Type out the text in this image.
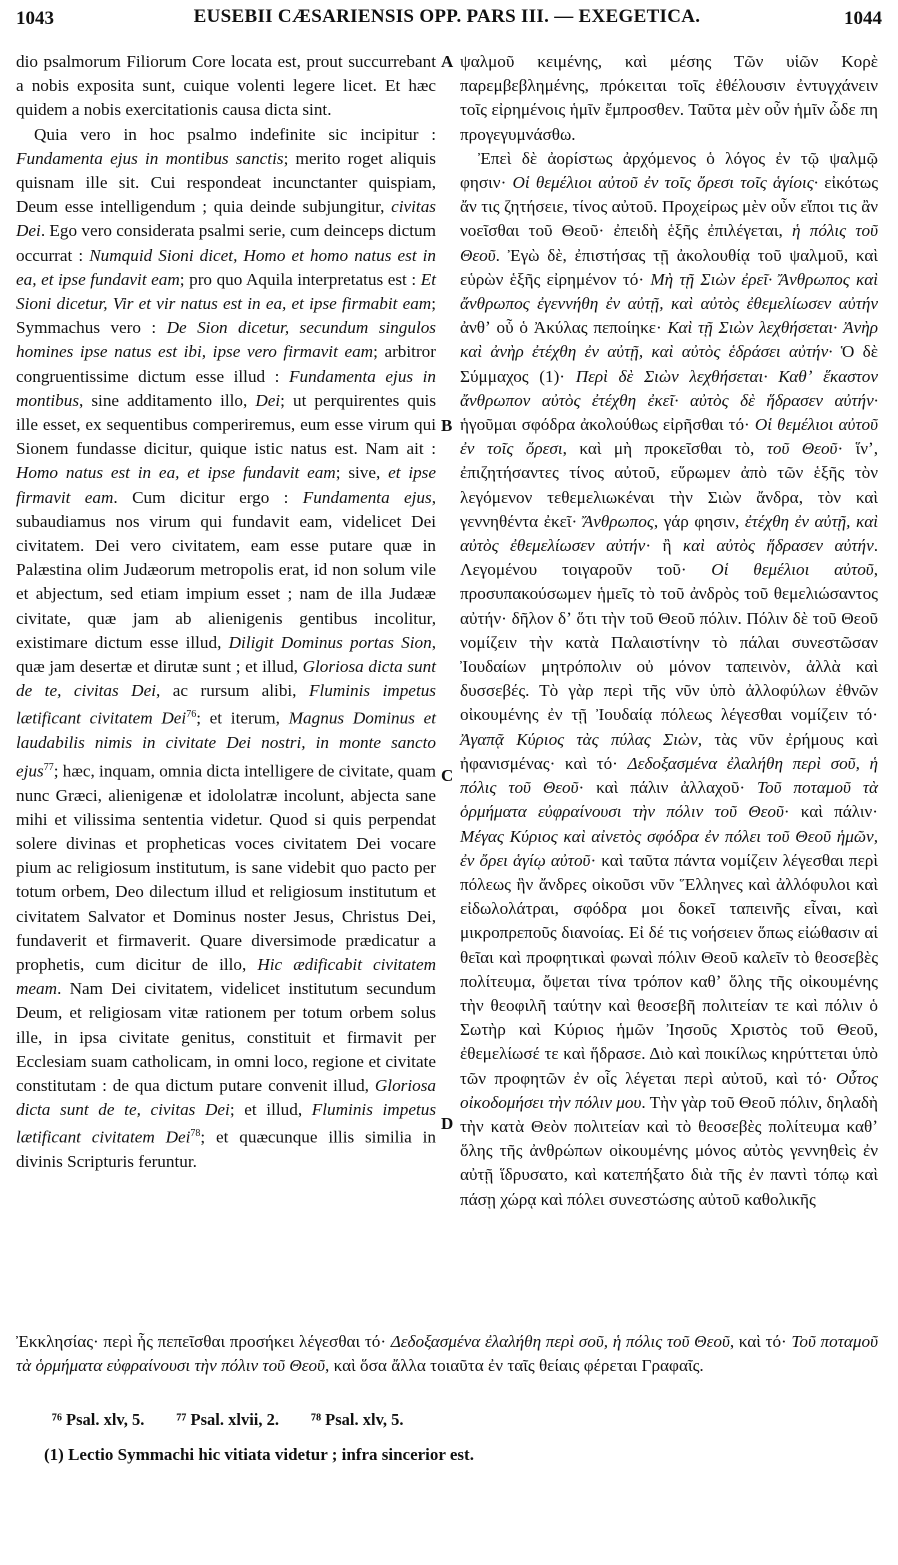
1043	EUSEBII CÆSARIENSIS OPP. PARS III. — EXEGETICA.	1044
A
B
C
D

dio psalmorum Filiorum Core locata est, prout succurrebant a nobis exposita sunt, cuique volenti legere licet. Et hæc quidem a nobis exercitationis causa dicta sint.

Quia vero in hoc psalmo indefinite sic incipitur : Fundamenta ejus in montibus sanctis; merito roget aliquis quisnam ille sit. Cui respondeat incunctanter quispiam, Deum esse intelligendum ; quia deinde subjungitur, civitas Dei. Ego vero considerata psalmi serie, cum deinceps dictum occurrat : Numquid Sioni dicet, Homo et homo natus est in ea, et ipse fundavit eam; pro quo Aquila interpretatus est : Et Sioni dicetur, Vir et vir natus est in ea, et ipse firmabit eam; Symmachus vero : De Sion dicetur, secundum singulos homines ipse natus est ibi, ipse vero firmavit eam; arbitror congruentissime dictum esse illud : Fundamenta ejus in montibus, sine additamento illo, Dei; ut perquirentes quis ille esset, ex sequentibus comperiremus, eum esse virum qui Sionem fundasse dicitur, quique istic natus est. Nam ait : Homo natus est in ea, et ipse fundavit eam; sive, et ipse firmavit eam. Cum dicitur ergo : Fundamenta ejus, subaudiamus nos virum qui fundavit eam, videlicet Dei civitatem. Dei vero civitatem, eam esse putare quæ in Palæstina olim Judæorum metropolis erat, id non solum vile et abjectum, sed etiam impium esset ; nam de illa Judææ civitate, quæ jam ab alienigenis gentibus incolitur, existimare dictum esse illud, Diligit Dominus portas Sion, quæ jam desertæ et dirutæ sunt ; et illud, Gloriosa dicta sunt de te, civitas Dei, ac rursum alibi, Fluminis impetus lætificant civitatem Dei$^{76}$; et iterum, Magnus Dominus et laudabilis nimis in civitate Dei nostri, in monte sancto ejus$^{77}$; hæc, inquam, omnia dicta intelligere de civitate, quam nunc Græci, alienigenæ et idololatræ incolunt, abjecta sane mihi et vilissima sententia videtur. Quod si quis perpendat solere divinas et propheticas voces civitatem Dei vocare pium ac religiosum institutum, is sane videbit quo pacto per totum orbem, Deo dilectum illud et religiosum institutum et civitatem Salvator et Dominus noster Jesus, Christus Dei, fundaverit et firmaverit. Quare diversimode prædicatur a prophetis, cum dicitur de illo, Hic ædificabit civitatem meam. Nam Dei civitatem, videlicet institutum secundum Deum, et religiosam vitæ rationem per totum orbem solus ille, in ipsa civitate genitus, constituit et firmavit per Ecclesiam suam catholicam, in omni loco, regione et civitate constitutam : de qua dictum putare convenit illud, Gloriosa dicta sunt de te, civitas Dei; et illud, Fluminis impetus lætificant civitatem Dei$^{78}$; et quæcunque illis similia in divinis Scripturis feruntur.

ψαλμοῦ κειμένης, καὶ μέσης Τῶν υἱῶν Κορὲ παρεμβεβλημένης, πρόκειται τοῖς ἐθέλουσιν ἐντυγχάνειν τοῖς εἰρημένοις ἡμῖν ἔμπροσθεν. Ταῦτα μὲν οὖν ἡμῖν ὧδε πη προγεγυμνάσθω.

Ἐπεὶ δὲ ἀορίστως ἀρχόμενος ὁ λόγος ἐν τῷ ψαλμῷ φησιν· Οἱ θεμέλιοι αὐτοῦ ἐν τοῖς ὄρεσι τοῖς ἁγίοις· εἰκότως ἄν τις ζητήσειε, τίνος αὐτοῦ. Προχείρως μὲν οὖν εἴποι τις ἂν νοεῖσθαι τοῦ Θεοῦ· ἐπειδὴ ἑξῆς ἐπιλέγεται, ἡ πόλις τοῦ Θεοῦ. Ἐγὼ δὲ, ἐπιστήσας τῇ ἀκολουθίᾳ τοῦ ψαλμοῦ, καὶ εὑρὼν ἑξῆς εἰρημένον τό· Μὴ τῇ Σιὼν ἐρεῖ· Ἄνθρωπος καὶ ἄνθρωπος ἐγεννήθη ἐν αὐτῇ, καὶ αὐτὸς ἐθεμελίωσεν αὐτήν ἀνθʼ οὗ ὁ Ἀκύλας πεποίηκε· Καὶ τῇ Σιὼν λεχθήσεται· Ἀνὴρ καὶ ἀνὴρ ἐτέχθη ἐν αὐτῇ, καὶ αὐτὸς ἑδράσει αὐτήν· Ὁ δὲ Σύμμαχος (1)· Περὶ δὲ Σιὼν λεχθήσεται· Καθʼ ἕκαστον ἄνθρωπον αὐτὸς ἐτέχθη ἐκεῖ· αὐτὸς δὲ ἥδρασεν αὐτήν· ἡγοῦμαι σφόδρα ἀκολούθως εἰρῆσθαι τό· Οἱ θεμέλιοι αὐτοῦ ἐν τοῖς ὄρεσι, καὶ μὴ προκεῖσθαι τὸ, τοῦ Θεοῦ· ἵνʼ, ἐπιζητήσαντες τίνος αὐτοῦ, εὕρωμεν ἀπὸ τῶν ἑξῆς τὸν λεγόμενον τεθεμελιωκέναι τὴν Σιὼν ἄνδρα, τὸν καὶ γεννηθέντα ἐκεῖ· Ἄνθρωπος, γάρ φησιν, ἐτέχθη ἐν αὐτῇ, καὶ αὐτὸς ἐθεμελίωσεν αὐτήν· ἢ καὶ αὐτὸς ἥδρασεν αὐτήν. Λεγομένου τοιγαροῦν τοῦ· Οἱ θεμέλιοι αὐτοῦ, προσυπακούσωμεν ἡμεῖς τὸ τοῦ ἀνδρὸς τοῦ θεμελιώσαντος αὐτήν· δῆλον δʼ ὅτι τὴν τοῦ Θεοῦ πόλιν. Πόλιν δὲ τοῦ Θεοῦ νομίζειν τὴν κατὰ Παλαιστίνην τὸ πάλαι συνεστῶσαν Ἰουδαίων μητρόπολιν οὐ μόνον ταπεινὸν, ἀλλὰ καὶ δυσσεβές. Τὸ γὰρ περὶ τῆς νῦν ὑπὸ ἀλλοφύλων ἐθνῶν οἰκουμένης ἐν τῇ Ἰουδαίᾳ πόλεως λέγεσθαι νομίζειν τό· Ἀγαπᾷ Κύριος τὰς πύλας Σιὼν, τὰς νῦν ἐρήμους καὶ ἠφανισμένας· καὶ τό· Δεδοξασμένα ἐλαλήθη περὶ σοῦ, ἡ πόλις τοῦ Θεοῦ· καὶ πάλιν ἀλλαχοῦ· Τοῦ ποταμοῦ τὰ ὁρμήματα εὐφραίνουσι τὴν πόλιν τοῦ Θεοῦ· καὶ πάλιν· Μέγας Κύριος καὶ αἰνετὸς σφόδρα ἐν πόλει τοῦ Θεοῦ ἡμῶν, ἐν ὄρει ἁγίῳ αὐτοῦ· καὶ ταῦτα πάντα νομίζειν λέγεσθαι περὶ πόλεως ἣν ἄνδρες οἰκοῦσι νῦν Ἕλληνες καὶ ἀλλόφυλοι καὶ εἰδωλολάτραι, σφόδρα μοι δοκεῖ ταπεινῆς εἶναι, καὶ μικροπρεποῦς διανοίας. Εἰ δέ τις νοήσειεν ὅπως εἰώθασιν αἱ θεῖαι καὶ προφητικαὶ φωναὶ πόλιν Θεοῦ καλεῖν τὸ θεοσεβὲς πολίτευμα, ὄψεται τίνα τρόπον καθʼ ὅλης τῆς οἰκουμένης τὴν θεοφιλῆ ταύτην καὶ θεοσεβῆ πολιτείαν τε καὶ πόλιν ὁ Σωτὴρ καὶ Κύριος ἡμῶν Ἰησοῦς Χριστὸς τοῦ Θεοῦ, ἐθεμελίωσέ τε καὶ ἥδρασε. Διὸ καὶ ποικίλως κηρύττεται ὑπὸ τῶν προφητῶν ἐν οἷς λέγεται περὶ αὐτοῦ, καὶ τό· Οὗτος οἰκοδομήσει τὴν πόλιν μου. Τὴν γὰρ τοῦ Θεοῦ πόλιν, δηλαδὴ τὴν κατὰ Θεὸν πολιτείαν καὶ τὸ θεοσεβὲς πολίτευμα καθʼ ὅλης τῆς ἀνθρώπων οἰκουμένης μόνος αὐτὸς γεννηθεὶς ἐν αὐτῇ ἵδρυσατο, καὶ κατεπήξατο διὰ τῆς ἐν παντὶ τόπῳ καὶ πάσῃ χώρᾳ καὶ πόλει συνεστώσης αὐτοῦ καθολικῆς

Ἐκκλησίας· περὶ ἧς πεπεῖσθαι προσήκει λέγεσθαι τό· Δεδοξασμένα ἐλαλήθη περὶ σοῦ, ἡ πόλις τοῦ Θεοῦ, καὶ τό· Τοῦ ποταμοῦ τὰ ὁρμήματα εὐφραίνουσι τὴν πόλιν τοῦ Θεοῦ, καὶ ὅσα ἄλλα τοιαῦτα ἐν ταῖς θείαις φέρεται Γραφαῖς.

⁷⁶ Psal. xlv, 5. ⁷⁷ Psal. xlvii, 2. ⁷⁸ Psal. xlv, 5.
(1) Lectio Symmachi hic vitiata videtur ; infra sincerior est.
